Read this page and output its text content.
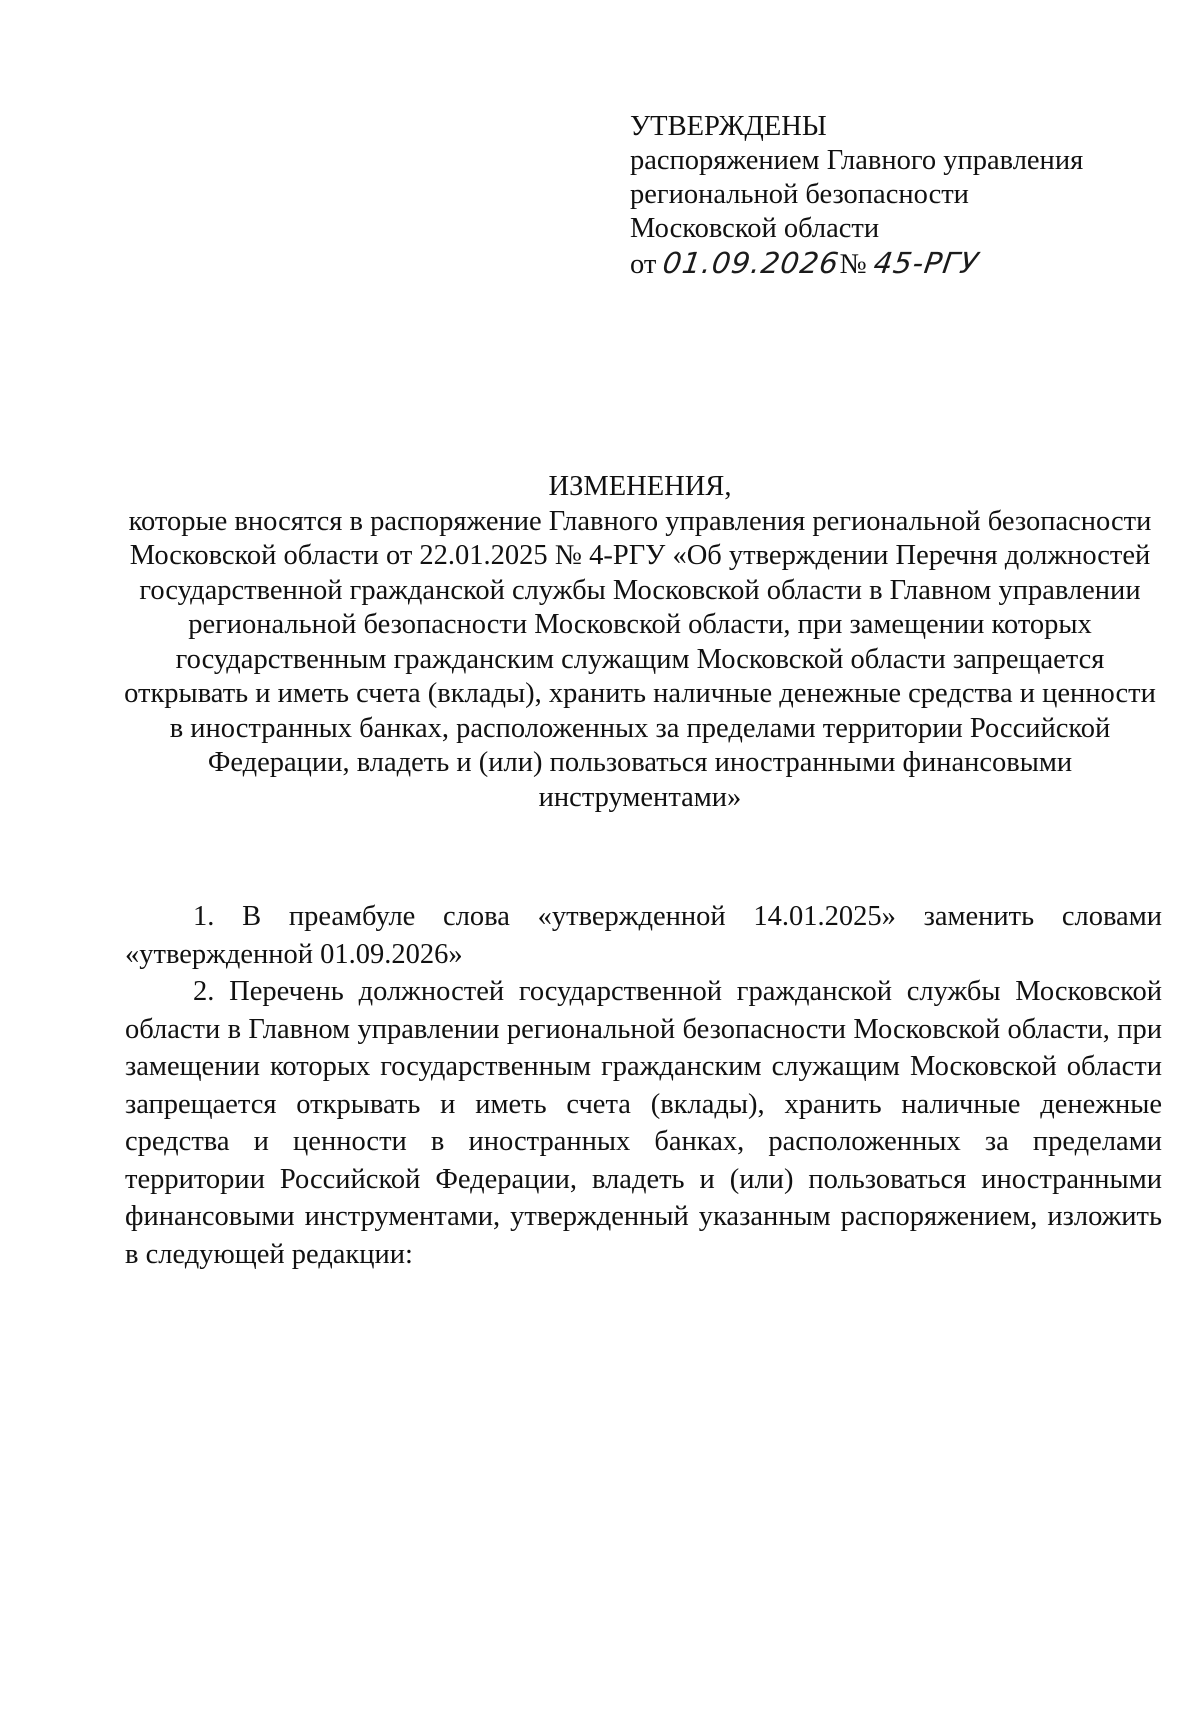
УТВЕРЖДЕНЫ
распоряжением Главного управления
региональной безопасности
Московской области
от 01.09.2026№ 45-РГУ
ИЗМЕНЕНИЯ,
которые вносятся в распоряжение Главного управления региональной безопасности Московской области от 22.01.2025 № 4-РГУ «Об утверждении Перечня должностей государственной гражданской службы Московской области в Главном управлении региональной безопасности Московской области, при замещении которых государственным гражданским служащим Московской области запрещается открывать и иметь счета (вклады), хранить наличные денежные средства и ценности в иностранных банках, расположенных за пределами территории Российской Федерации, владеть и (или) пользоваться иностранными финансовыми инструментами»

1. В преамбуле слова «утвержденной 14.01.2025» заменить словами «утвержденной 01.09.2026»

2. Перечень должностей государственной гражданской службы Московской области в Главном управлении региональной безопасности Московской области, при замещении которых государственным гражданским служащим Московской области запрещается открывать и иметь счета (вклады), хранить наличные денежные средства и ценности в иностранных банках, расположенных за пределами территории Российской Федерации, владеть и (или) пользоваться иностранными финансовыми инструментами, утвержденный указанным распоряжением, изложить в следующей редакции:
